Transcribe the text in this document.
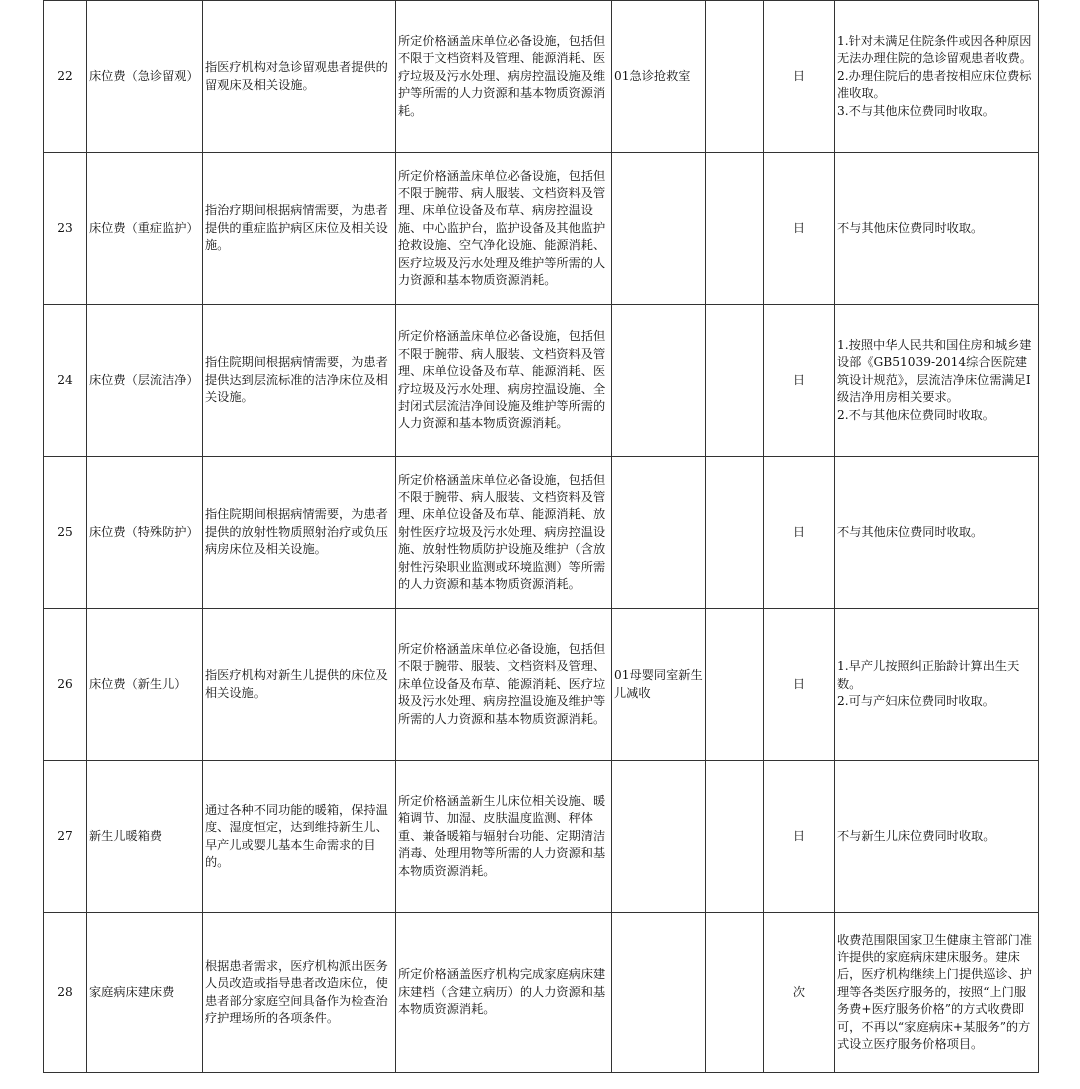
22	床位费（急诊留观）	指医疗机构对急诊留观患者提供的留观床及相关设施。	所定价格涵盖床单位必备设施，包括但不限于文档资料及管理、能源消耗、医疗垃圾及污水处理、病房控温设施及维护等所需的人力资源和基本物质资源消耗。	01急诊抢救室		日	1.针对未满足住院条件或因各种原因无法办理住院的急诊留观患者收费。
2.办理住院后的患者按相应床位费标准收取。
3.不与其他床位费同时收取。

23	床位费（重症监护）	指治疗期间根据病情需要，为患者提供的重症监护病区床位及相关设施。	所定价格涵盖床单位必备设施，包括但不限于腕带、病人服装、文档资料及管理、床单位设备及布草、病房控温设施、中心监护台，监护设备及其他监护抢救设施、空气净化设施、能源消耗、医疗垃圾及污水处理及维护等所需的人力资源和基本物质资源消耗。			日	不与其他床位费同时收取。

24	床位费（层流洁净）	指住院期间根据病情需要，为患者提供达到层流标准的洁净床位及相关设施。	所定价格涵盖床单位必备设施，包括但不限于腕带、病人服装、文档资料及管理、床单位设备及布草、能源消耗、医疗垃圾及污水处理、病房控温设施、全封闭式层流洁净间设施及维护等所需的人力资源和基本物质资源消耗。			日	1.按照中华人民共和国住房和城乡建设部《GB51039-2014综合医院建筑设计规范》，层流洁净床位需满足I 级洁净用房相关要求。
2.不与其他床位费同时收取。

25	床位费（特殊防护）	指住院期间根据病情需要，为患者提供的放射性物质照射治疗或负压病房床位及相关设施。	所定价格涵盖床单位必备设施，包括但不限于腕带、病人服装、文档资料及管理、床单位设备及布草、能源消耗、放射性医疗垃圾及污水处理、病房控温设施、放射性物质防护设施及维护（含放射性污染职业监测或环境监测）等所需的人力资源和基本物质资源消耗。			日	不与其他床位费同时收取。

26	床位费（新生儿）	指医疗机构对新生儿提供的床位及相关设施。	所定价格涵盖床单位必备设施，包括但不限于腕带、服装、文档资料及管理、床单位设备及布草、能源消耗、医疗垃圾及污水处理、病房控温设施及维护等所需的人力资源和基本物质资源消耗。	01母婴同室新生儿减收		日	1.早产儿按照纠正胎龄计算出生天数。
2.可与产妇床位费同时收取。

27	新生儿暖箱费	通过各种不同功能的暖箱，保持温度、湿度恒定，达到维持新生儿、早产儿或婴儿基本生命需求的目的。	所定价格涵盖新生儿床位相关设施、暖箱调节、加湿、皮肤温度监测、秤体重、兼备暖箱与辐射台功能、定期清洁消毒、处理用物等所需的人力资源和基本物质资源消耗。			日	不与新生儿床位费同时收取。

28	家庭病床建床费	根据患者需求，医疗机构派出医务人员改造或指导患者改造床位，使患者部分家庭空间具备作为检查治疗护理场所的各项条件。	所定价格涵盖医疗机构完成家庭病床建床建档（含建立病历）的人力资源和基本物质资源消耗。			次	收费范围限国家卫生健康主管部门准许提供的家庭病床建床服务。建床后，医疗机构继续上门提供巡诊、护理等各类医疗服务的，按照“上门服务费+医疗服务价格”的方式收费即可，不再以“家庭病床+某服务”的方式设立医疗服务价格项目。
